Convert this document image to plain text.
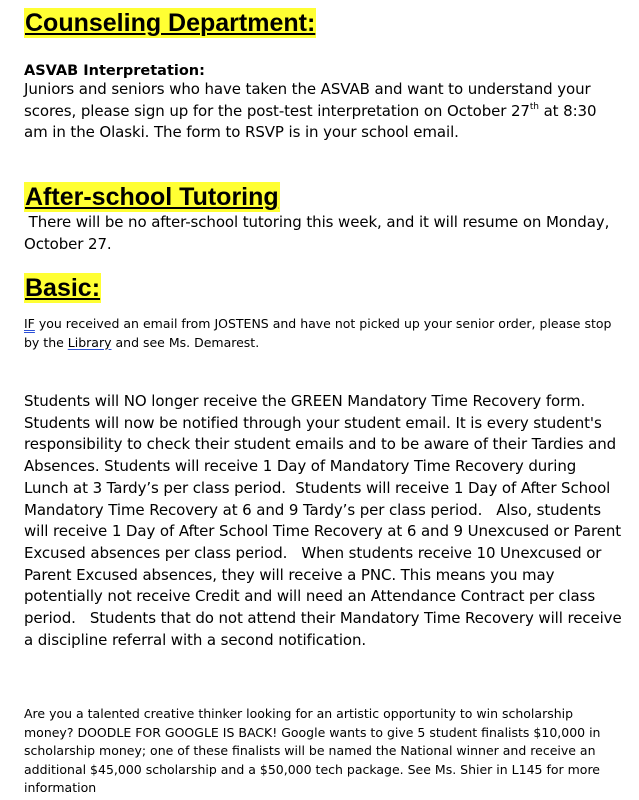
Counseling Department:

ASVAB Interpretation:

Juniors and seniors who have taken the ASVAB and want to understand your scores, please sign up for the post-test interpretation on October 27th at 8:30 am in the Olaski. The form to RSVP is in your school email.

After-school Tutoring

There will be no after-school tutoring this week, and it will resume on Monday, October 27.

Basic:

IF you received an email from JOSTENS and have not picked up your senior order, please stop by the Library and see Ms. Demarest.

Students will NO longer receive the GREEN Mandatory Time Recovery form. Students will now be notified through your student email. It is every student's responsibility to check their student emails and to be aware of their Tardies and Absences. Students will receive 1 Day of Mandatory Time Recovery during Lunch at 3 Tardy’s per class period.  Students will receive 1 Day of After School Mandatory Time Recovery at 6 and 9 Tardy’s per class period.   Also, students will receive 1 Day of After School Time Recovery at 6 and 9 Unexcused or Parent Excused absences per class period.   When students receive 10 Unexcused or Parent Excused absences, they will receive a PNC. This means you may potentially not receive Credit and will need an Attendance Contract per class period.   Students that do not attend their Mandatory Time Recovery will receive a discipline referral with a second notification.

Are you a talented creative thinker looking for an artistic opportunity to win scholarship money? DOODLE FOR GOOGLE IS BACK! Google wants to give 5 student finalists $10,000 in scholarship money; one of these finalists will be named the National winner and receive an additional $45,000 scholarship and a $50,000 tech package. See Ms. Shier in L145 for more information
